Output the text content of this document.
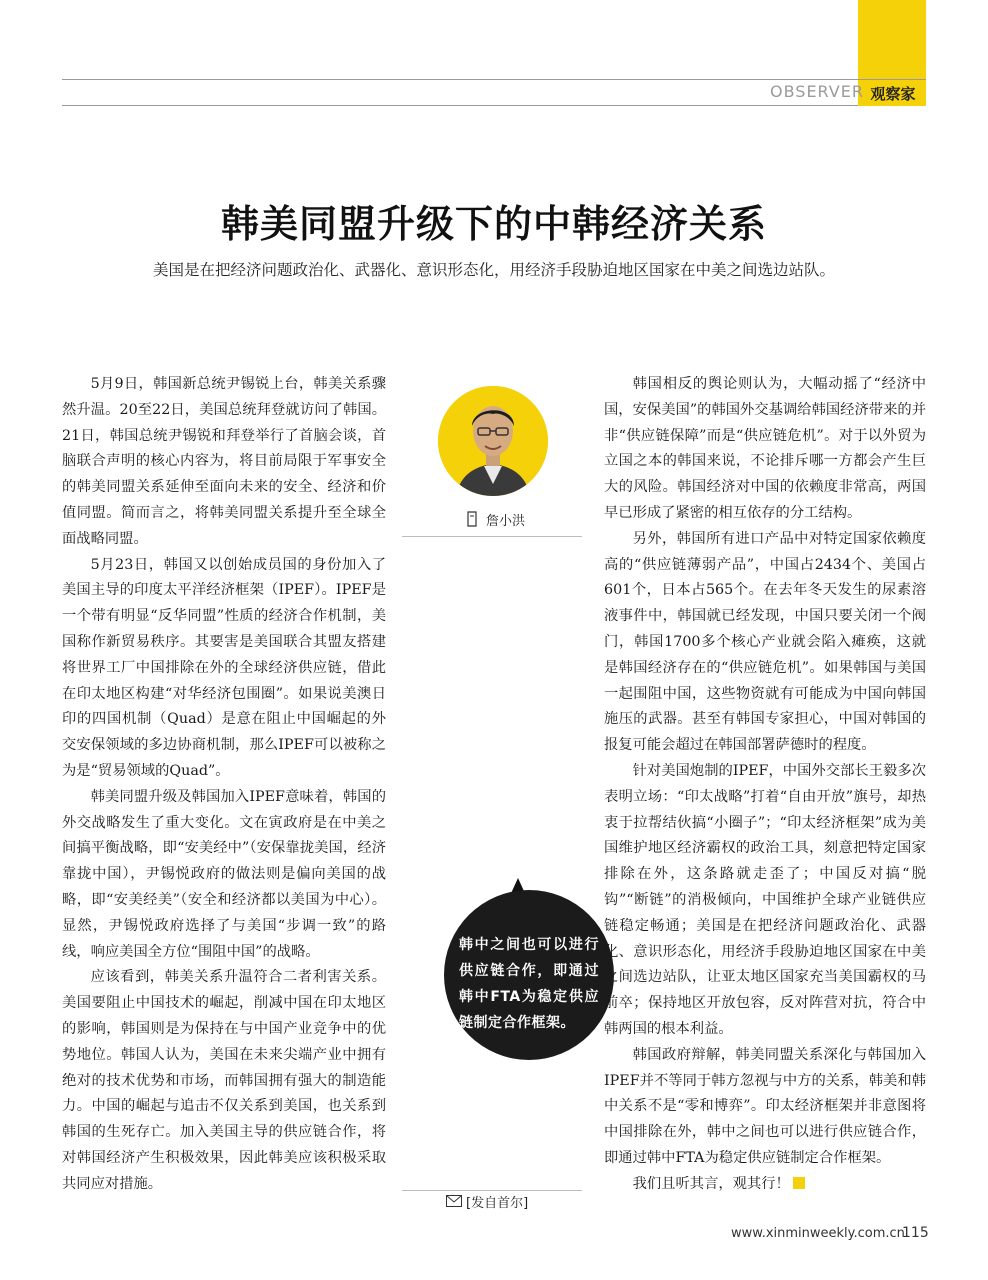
OBSERVER 观察家
韩美同盟升级下的中韩经济关系
美国是在把经济问题政治化、武器化、意识形态化，用经济手段胁迫地区国家在中美之间选边站队。

5月9日，韩国新总统尹锡锐上台，韩美关系骤然升温。20至22日，美国总统拜登就访问了韩国。21日，韩国总统尹锡锐和拜登举行了首脑会谈，首脑联合声明的核心内容为，将目前局限于军事安全的韩美同盟关系延伸至面向未来的安全、经济和价值同盟。简而言之，将韩美同盟关系提升至全球全面战略同盟。

5月23日，韩国又以创始成员国的身份加入了美国主导的印度太平洋经济框架（IPEF）。IPEF是一个带有明显“反华同盟”性质的经济合作机制，美国称作新贸易秩序。其要害是美国联合其盟友搭建将世界工厂中国排除在外的全球经济供应链，借此在印太地区构建“对华经济包围圈”。如果说美澳日印的四国机制（Quad）是意在阻止中国崛起的外交安保领域的多边协商机制，那么IPEF可以被称之为是“贸易领域的Quad”。

韩美同盟升级及韩国加入IPEF意味着，韩国的外交战略发生了重大变化。文在寅政府是在中美之间搞平衡战略，即“安美经中”（安保靠拢美国，经济靠拢中国），尹锡悦政府的做法则是偏向美国的战略，即“安美经美”（安全和经济都以美国为中心）。显然，尹锡悦政府选择了与美国“步调一致”的路线，响应美国全方位“围阻中国”的战略。

应该看到，韩美关系升温符合二者利害关系。美国要阻止中国技术的崛起，削减中国在印太地区的影响，韩国则是为保持在与中国产业竞争中的优势地位。韩国人认为，美国在未来尖端产业中拥有绝对的技术优势和市场，而韩国拥有强大的制造能力。中国的崛起与追击不仅关系到美国，也关系到韩国的生死存亡。加入美国主导的供应链合作，将对韩国经济产生积极效果，因此韩美应该积极采取共同应对措施。

詹小洪
韩中之间也可以进行供应链合作，即通过韩中FTA为稳定供应链制定合作框架。
[发自首尔]

韩国相反的舆论则认为，大幅动摇了“经济中国，安保美国”的韩国外交基调给韩国经济带来的并非“供应链保障”而是“供应链危机”。对于以外贸为立国之本的韩国来说，不论排斥哪一方都会产生巨大的风险。韩国经济对中国的依赖度非常高，两国早已形成了紧密的相互依存的分工结构。

另外，韩国所有进口产品中对特定国家依赖度高的“供应链薄弱产品”，中国占2434个、美国占601个，日本占565个。在去年冬天发生的尿素溶液事件中，韩国就已经发现，中国只要关闭一个阀门，韩国1700多个核心产业就会陷入瘫痪，这就是韩国经济存在的“供应链危机”。如果韩国与美国一起围阻中国，这些物资就有可能成为中国向韩国施压的武器。甚至有韩国专家担心，中国对韩国的报复可能会超过在韩国部署萨德时的程度。

针对美国炮制的IPEF，中国外交部长王毅多次表明立场：“印太战略”打着“自由开放”旗号，却热衷于拉帮结伙搞“小圈子”；“印太经济框架”成为美国维护地区经济霸权的政治工具，刻意把特定国家排除在外，这条路就走歪了；中国反对搞“脱钩”“断链”的消极倾向，中国维护全球产业链供应链稳定畅通；美国是在把经济问题政治化、武器化、意识形态化，用经济手段胁迫地区国家在中美之间选边站队，让亚太地区国家充当美国霸权的马前卒；保持地区开放包容，反对阵营对抗，符合中韩两国的根本利益。

韩国政府辩解，韩美同盟关系深化与韩国加入IPEF并不等同于韩方忽视与中方的关系，韩美和韩中关系不是“零和博弈”。印太经济框架并非意图将中国排除在外，韩中之间也可以进行供应链合作，即通过韩中FTA为稳定供应链制定合作框架。

我们且听其言，观其行！

www.xinminweekly.com.cn
115
